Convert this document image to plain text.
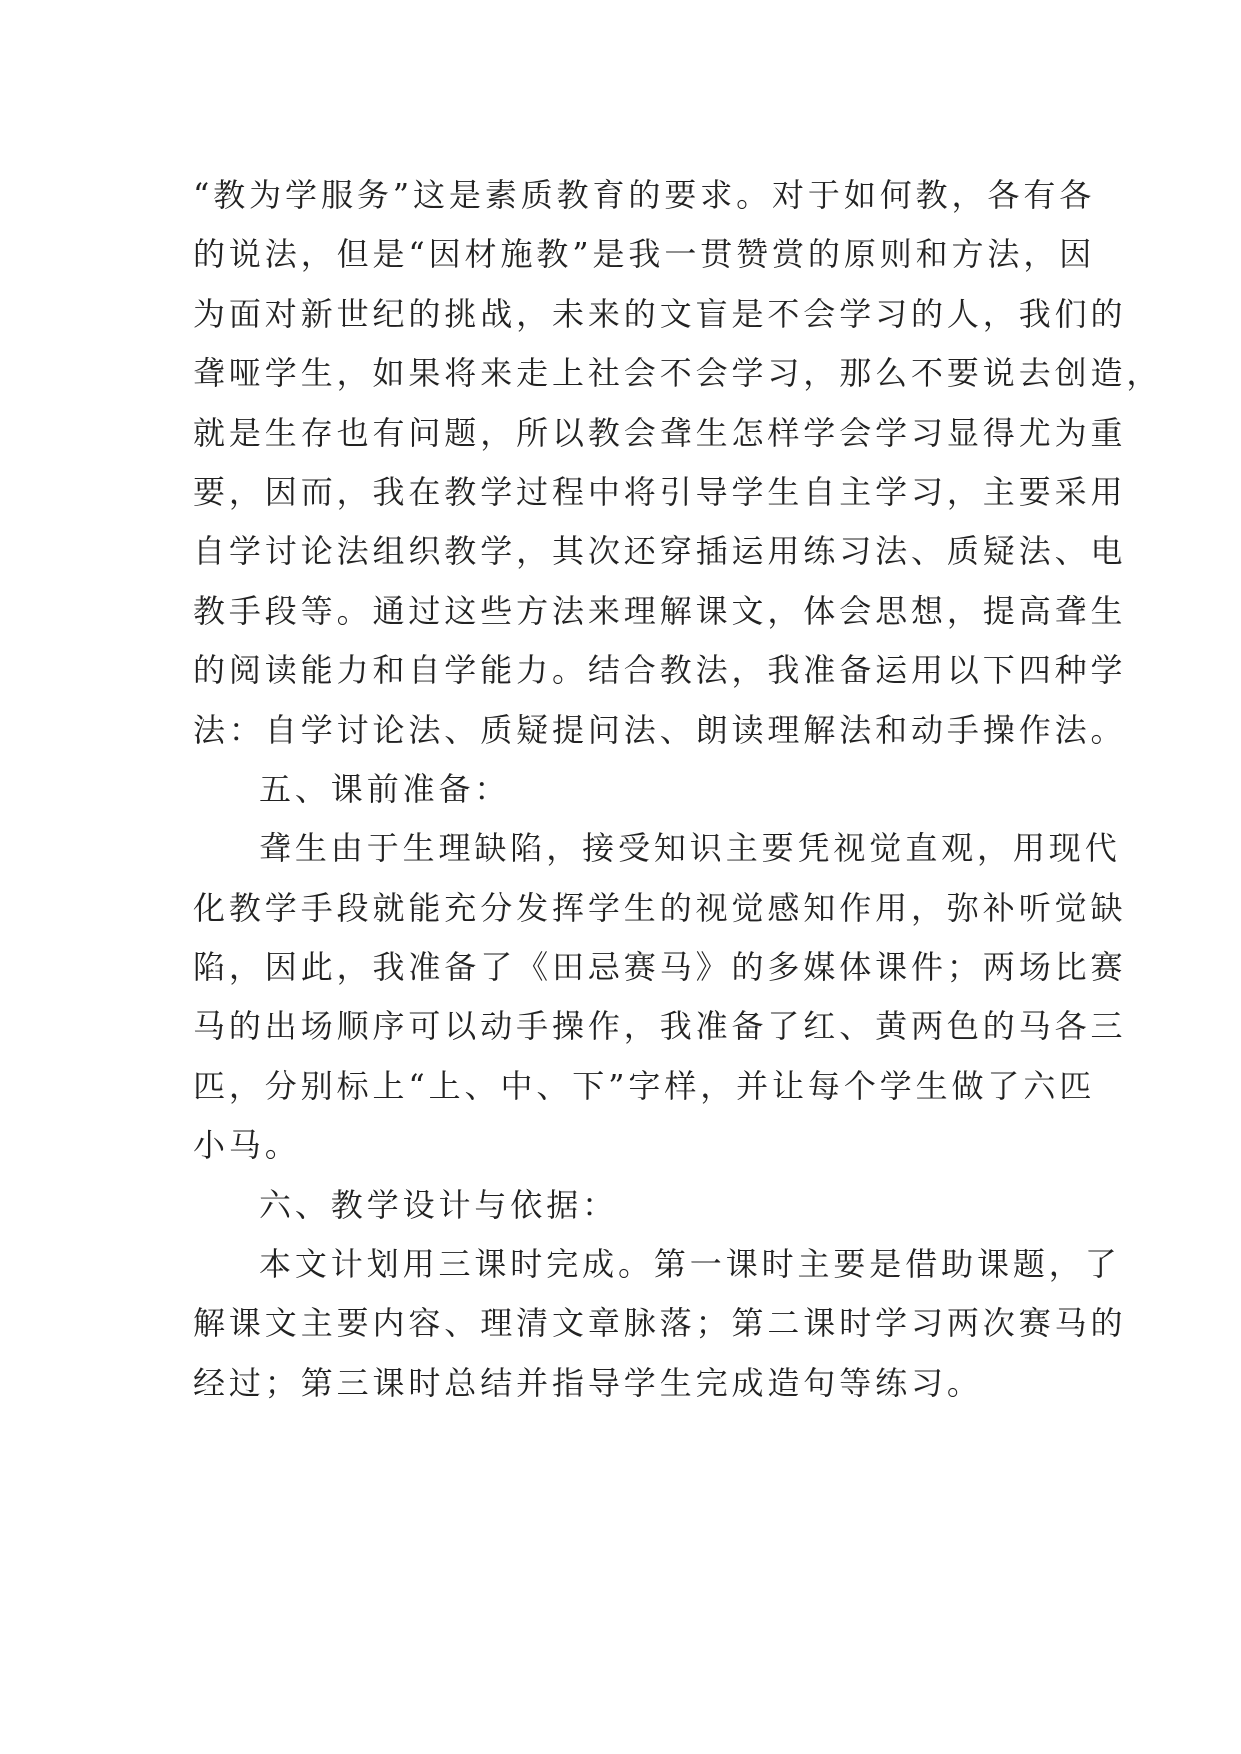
“教为学服务”这是素质教育的要求。对于如何教，各有各
的说法，但是“因材施教”是我一贯赞赏的原则和方法，因
为面对新世纪的挑战，未来的文盲是不会学习的人，我们的
聋哑学生，如果将来走上社会不会学习，那么不要说去创造，
就是生存也有问题，所以教会聋生怎样学会学习显得尤为重
要，因而，我在教学过程中将引导学生自主学习，主要采用
自学讨论法组织教学，其次还穿插运用练习法、质疑法、电
教手段等。通过这些方法来理解课文，体会思想，提高聋生
的阅读能力和自学能力。结合教法，我准备运用以下四种学
法：自学讨论法、质疑提问法、朗读理解法和动手操作法。
五、课前准备：
聋生由于生理缺陷，接受知识主要凭视觉直观，用现代
化教学手段就能充分发挥学生的视觉感知作用，弥补听觉缺
陷，因此，我准备了《田忌赛马》的多媒体课件；两场比赛
马的出场顺序可以动手操作，我准备了红、黄两色的马各三
匹，分别标上“上、中、下”字样，并让每个学生做了六匹
小马。
六、教学设计与依据：
本文计划用三课时完成。第一课时主要是借助课题，了
解课文主要内容、理清文章脉落；第二课时学习两次赛马的
经过；第三课时总结并指导学生完成造句等练习。
